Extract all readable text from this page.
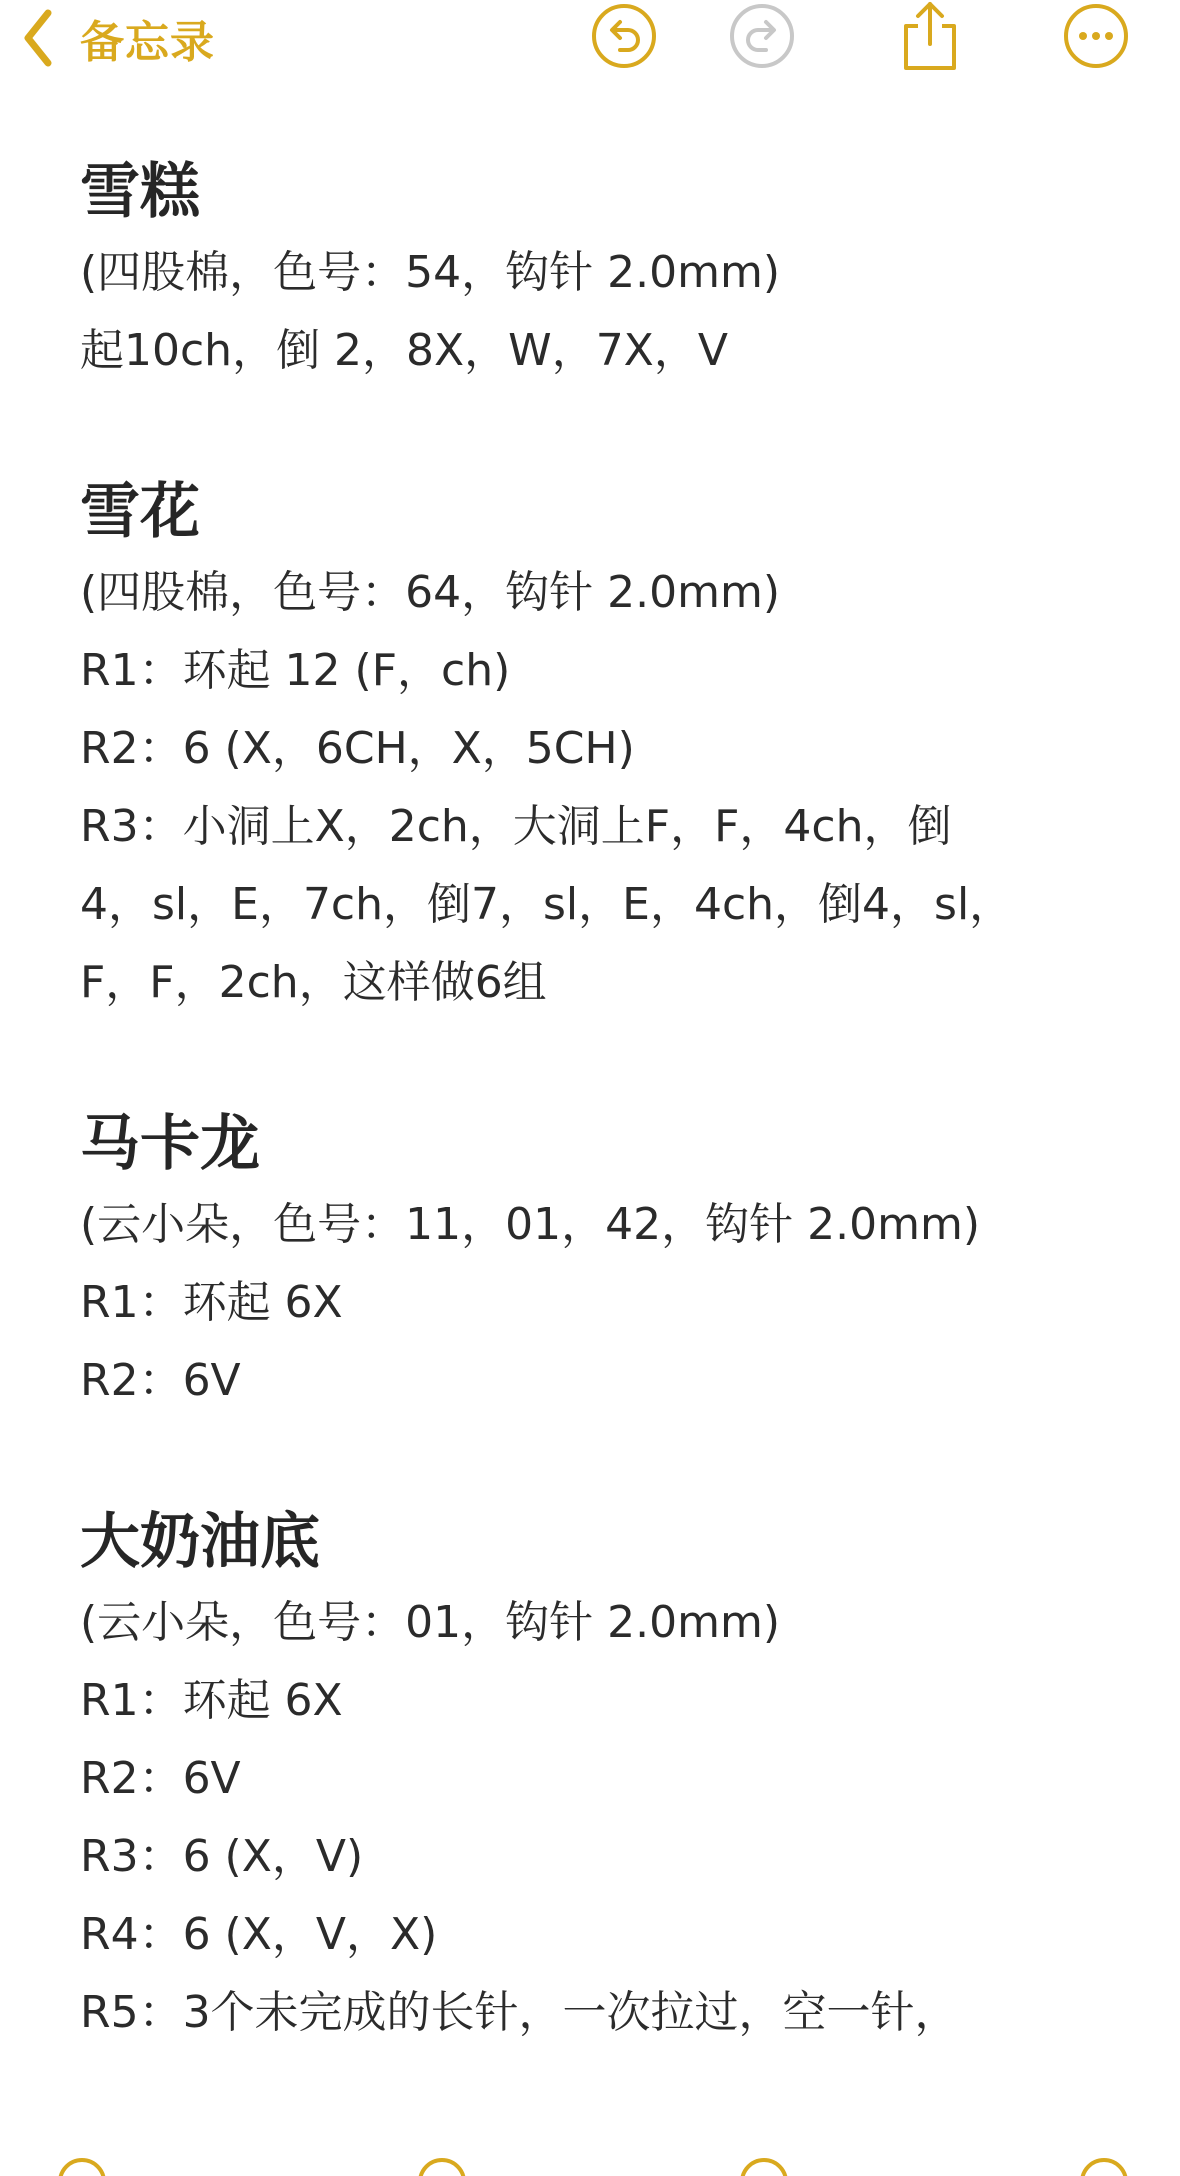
备忘录
雪糕
(四股棉，色号：54，钩针 2.0mm)
起10ch，倒 2，8X，W，7X，V
雪花
(四股棉，色号：64，钩针 2.0mm)
R1：环起 12 (F，ch)
R2：6 (X，6CH，X，5CH)
R3：小洞上X，2ch，大洞上F，F，4ch，倒
4，sl，E，7ch，倒7，sl，E，4ch，倒4，sl，
F，F，2ch，这样做6组
马卡龙
(云小朵，色号：11，01，42，钩针 2.0mm)
R1：环起 6X
R2：6V
大奶油底
(云小朵，色号：01，钩针 2.0mm)
R1：环起 6X
R2：6V
R3：6 (X，V)
R4：6 (X，V，X)
R5：3个未完成的长针，一次拉过，空一针，
